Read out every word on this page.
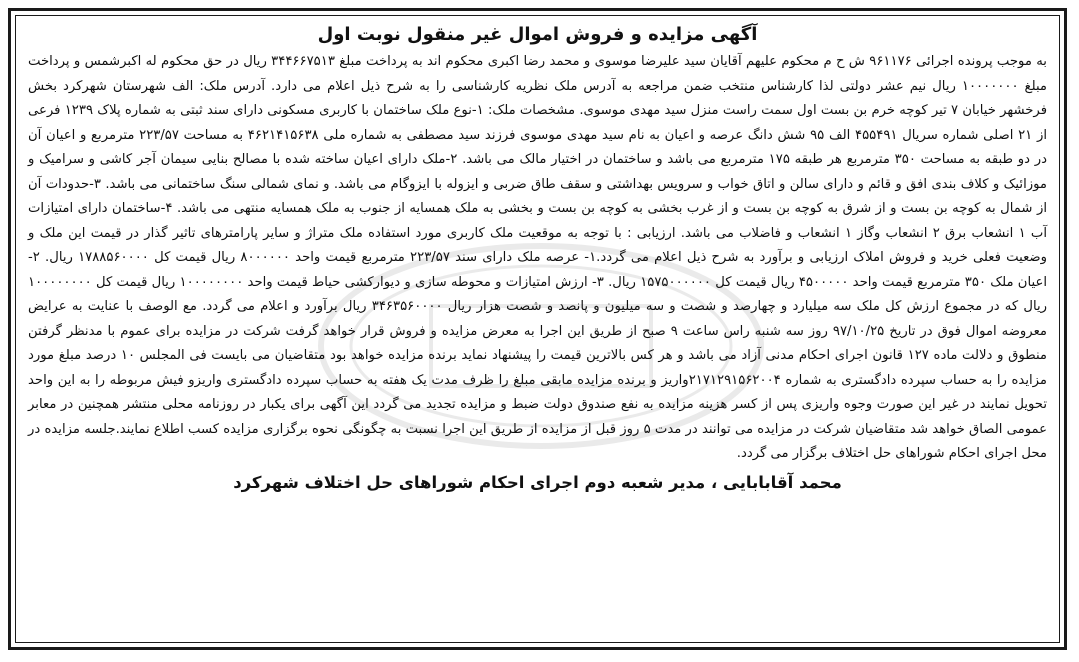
آگهی مزایده و فروش اموال غیر منقول نوبت اول

به موجب پرونده اجرائی ۹۶۱۱۷۶ ش ح م محکوم علیهم آقایان سید علیرضا موسوی و محمد رضا اکبری محکوم اند به پرداخت مبلغ ۳۴۴۶۶۷۵۱۳ ریال در حق محکوم له اکبرشمس و پرداخت مبلغ ۱۰۰۰۰۰۰۰ ریال نیم عشر دولتی لذا کارشناس منتخب ضمن مراجعه به آدرس ملک نظریه کارشناسی را به شرح ذیل اعلام می دارد. آدرس ملک: الف شهرستان شهرکرد بخش فرخشهر خیابان ۷ تیر کوچه خرم بن بست اول سمت راست منزل سید مهدی موسوی. مشخصات ملک: ۱-نوع ملک ساختمان با کاربری مسکونی دارای سند ثبتی به شماره پلاک ۱۲۳۹ فرعی از ۲۱ اصلی شماره سریال ۴۵۵۴۹۱ الف ۹۵ شش دانگ عرصه و اعیان به نام سید مهدی موسوی فرزند سید مصطفی به شماره ملی ۴۶۲۱۴۱۵۶۳۸ به مساحت ۲۲۳/۵۷ مترمربع و اعیان آن در دو طبقه به مساحت ۳۵۰ مترمربع هر طبقه ۱۷۵ مترمربع می باشد و ساختمان در اختیار مالک می باشد. ۲-ملک دارای اعیان ساخته شده با مصالح بنایی سیمان آجر کاشی و سرامیک و موزائیک و کلاف بندی افق و قائم و دارای سالن و اتاق خواب و سرویس بهداشتی و سقف طاق ضربی و ایزوله با ایزوگام می باشد. و نمای شمالی سنگ ساختمانی می باشد. ۳-حدودات آن از شمال به کوچه بن بست و از شرق به کوچه بن بست و از غرب بخشی به کوچه بن بست و بخشی به ملک همسایه از جنوب به ملک همسایه منتهی می باشد. ۴-ساختمان دارای امتیازات آب ۱ انشعاب برق ۲ انشعاب وگاز ۱ انشعاب و فاضلاب می باشد. ارزیابی : با توجه به موقعیت ملک کاربری مورد استفاده ملک متراژ و سایر پارامترهای تاثیر گذار در قیمت این ملک و وضعیت فعلی خرید و فروش املاک ارزیابی و برآورد به شرح ذیل اعلام می گردد.۱- عرصه ملک دارای سند ۲۲۳/۵۷ مترمربع قیمت واحد ۸۰۰۰۰۰۰ ریال قیمت کل ۱۷۸۸۵۶۰۰۰۰ ریال. ۲- اعیان ملک ۳۵۰ مترمربع قیمت واحد ۴۵۰۰۰۰۰ ریال قیمت کل ۱۵۷۵۰۰۰۰۰۰ ریال. ۳- ارزش امتیازات و محوطه سازی و دیوارکشی حیاط قیمت واحد ۱۰۰۰۰۰۰۰۰ ریال قیمت کل ۱۰۰۰۰۰۰۰۰ ریال که در مجموع ارزش کل ملک سه میلیارد و چهارصد و شصت و سه میلیون و پانصد و شصت هزار ریال ۳۴۶۳۵۶۰۰۰۰ ریال برآورد و اعلام می گردد. مع الوصف با عنایت به عرایض معروضه اموال فوق در تاریخ ۹۷/۱۰/۲۵ روز سه شنبه راس ساعت ۹ صبح از طریق این اجرا به معرض مزایده و فروش قرار خواهد گرفت شرکت در مزایده برای عموم با مدنظر گرفتن منطوق و دلالت ماده ۱۲۷ قانون اجرای احکام مدنی آزاد می باشد و هر کس بالاترین قیمت را پیشنهاد نماید برنده مزایده خواهد بود متقاضیان می بایست فی المجلس ۱۰ درصد مبلغ مورد مزایده را به حساب سپرده دادگستری به شماره ۲۱۷۱۲۹۱۵۶۲۰۰۴واریز و برنده مزایده مابقی مبلغ را ظرف مدت یک هفته به حساب سپرده دادگستری واریزو فیش مربوطه را به این واحد تحویل نمایند در غیر این صورت وجوه واریزی پس از کسر هزینه مزایده به نفع صندوق دولت ضبط و مزایده تجدید می گردد این آگهی برای یکبار در روزنامه محلی منتشر همچنین در معابر عمومی الصاق خواهد شد متقاضیان شرکت در مزایده می توانند در مدت ۵ روز قبل از مزایده از طریق این اجرا نسبت به چگونگی نحوه برگزاری مزایده کسب اطلاع نمایند.جلسه مزایده در محل اجرای احکام شوراهای حل اختلاف برگزار می گردد.

محمد آقابابایی ، مدیر شعبه دوم اجرای احکام شوراهای حل اختلاف شهرکرد
